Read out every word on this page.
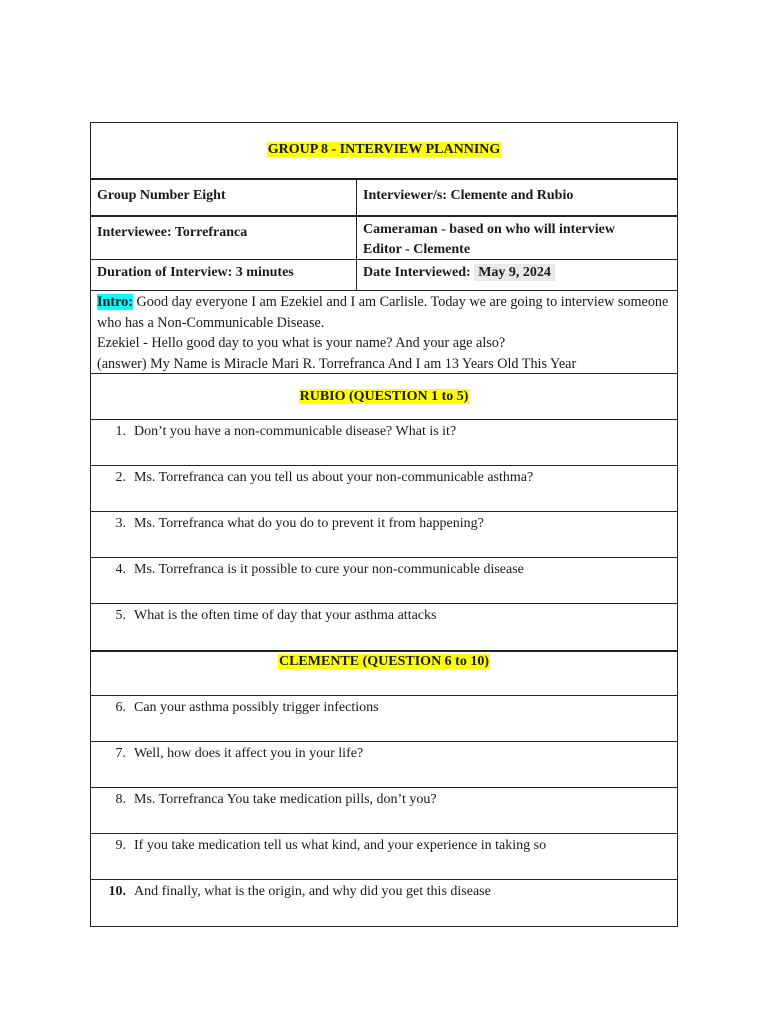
GROUP 8 - INTERVIEW PLANNING
Group Number Eight	Interviewer/s: Clemente and Rubio
Interviewee: Torrefranca	Cameraman - based on who will interview
Editor - Clemente
Duration of Interview: 3 minutes	Date Interviewed: May 9, 2024
Intro: Good day everyone I am Ezekiel and I am Carlisle. Today we are going to interview someone who has a Non-Communicable Disease.
Ezekiel - Hello good day to you what is your name? And your age also?
(answer) My Name is Miracle Mari R. Torrefranca And I am 13 Years Old This Year
RUBIO (QUESTION 1 to 5)
1. Don’t you have a non-communicable disease? What is it?
2. Ms. Torrefranca can you tell us about your non-communicable asthma?
3. Ms. Torrefranca what do you do to prevent it from happening?
4. Ms. Torrefranca is it possible to cure your non-communicable disease
5. What is the often time of day that your asthma attacks
CLEMENTE (QUESTION 6 to 10)
6. Can your asthma possibly trigger infections
7. Well, how does it affect you in your life?
8. Ms. Torrefranca You take medication pills, don’t you?
9. If you take medication tell us what kind, and your experience in taking so
10. And finally, what is the origin, and why did you get this disease
